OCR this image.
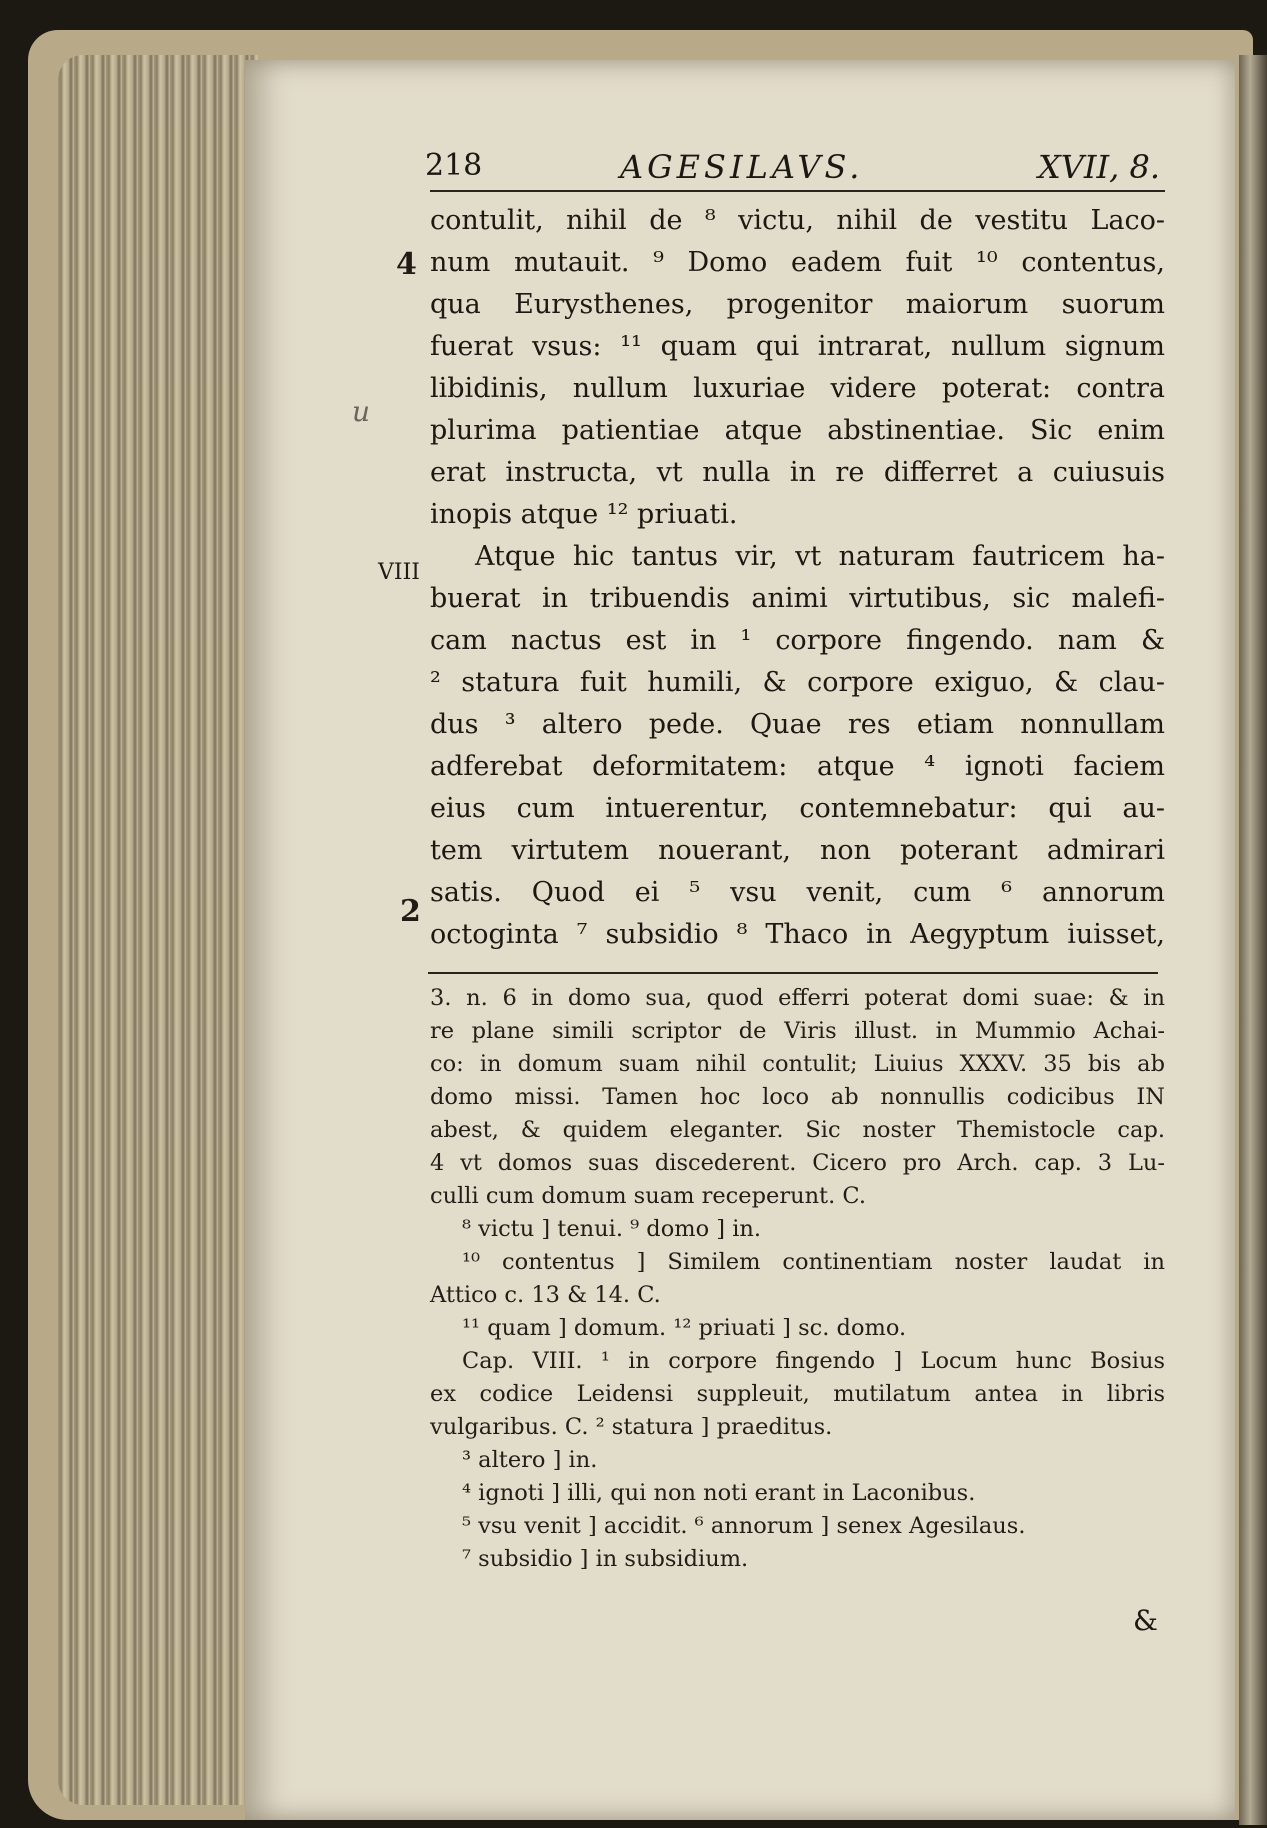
218	AGESILAVS.	XVII, 8.
4
u
VIII
2
contulit, nihil de ⁸ victu, nihil de vestitu Laco-
num mutauit. ⁹ Domo eadem fuit ¹⁰ contentus,
qua Eurysthenes, progenitor maiorum suorum
fuerat vsus: ¹¹ quam qui intrarat, nullum signum
libidinis, nullum luxuriae videre poterat: contra
plurima patientiae atque abstinentiae. Sic enim
erat instructa, vt nulla in re differret a cuiusuis
inopis atque ¹² priuati.
Atque hic tantus vir, vt naturam fautricem ha-
buerat in tribuendis animi virtutibus, sic malefi-
cam nactus est in ¹ corpore fingendo. nam &
² statura fuit humili, & corpore exiguo, & clau-
dus ³ altero pede. Quae res etiam nonnullam
adferebat deformitatem: atque ⁴ ignoti faciem
eius cum intuerentur, contemnebatur: qui au-
tem virtutem nouerant, non poterant admirari
satis. Quod ei ⁵ vsu venit, cum ⁶ annorum
octoginta ⁷ subsidio ⁸ Thaco in Aegyptum iuisset,
3. n. 6 in domo sua, quod efferri poterat domi suae: & in
re plane simili scriptor de Viris illust. in Mummio Achai-
co: in domum suam nihil contulit; Liuius XXXV. 35 bis ab
domo missi. Tamen hoc loco ab nonnullis codicibus IN
abest, & quidem eleganter. Sic noster Themistocle cap.
4 vt domos suas discederent. Cicero pro Arch. cap. 3 Lu-
culli cum domum suam receperunt. C.
⁸ victu ] tenui. ⁹ domo ] in.
¹⁰ contentus ] Similem continentiam noster laudat in
Attico c. 13 & 14. C.
¹¹ quam ] domum. ¹² priuati ] sc. domo.
Cap. VIII. ¹ in corpore fingendo ] Locum hunc Bosius
ex codice Leidensi suppleuit, mutilatum antea in libris
vulgaribus. C. ² statura ] praeditus.
³ altero ] in.
⁴ ignoti ] illi, qui non noti erant in Laconibus.
⁵ vsu venit ] accidit. ⁶ annorum ] senex Agesilaus.
⁷ subsidio ] in subsidium.
&
